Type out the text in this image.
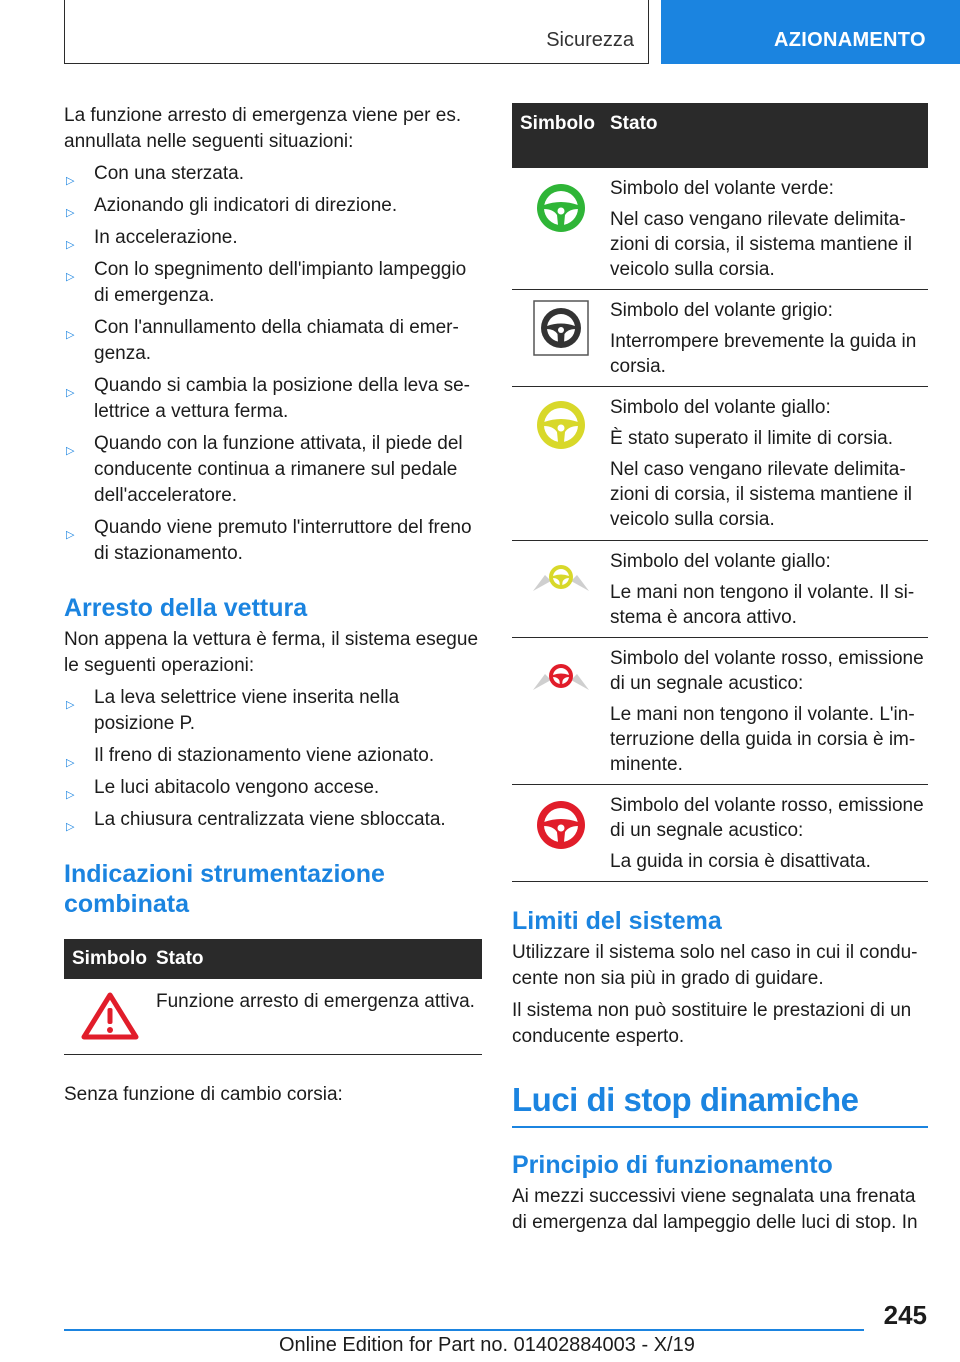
Sicurezza	AZIONAMENTO

La funzione arresto di emergenza viene per es. annullata nelle seguenti situazioni:

▷ Con una sterzata.
▷ Azionando gli indicatori di direzione.
▷ In accelerazione.
▷ Con lo spegnimento dell'impianto lampeggio di emergenza.
▷ Con l'annullamento della chiamata di emergenza.
▷ Quando si cambia la posizione della leva selettrice a vettura ferma.
▷ Quando con la funzione attivata, il piede del conducente continua a rimanere sul pedale dell'acceleratore.
▷ Quando viene premuto l'interruttore del freno di stazionamento.
Arresto della vettura

Non appena la vettura è ferma, il sistema esegue le seguenti operazioni:

▷ La leva selettrice viene inserita nella posizione P.
▷ Il freno di stazionamento viene azionato.
▷ Le luci abitacolo vengono accese.
▷ La chiusura centralizzata viene sbloccata.
Indicazioni strumentazione combinata
Simbolo Stato

Funzione arresto di emergenza attiva.

Senza funzione di cambio corsia:

Simbolo Stato

Simbolo del volante verde:

Nel caso vengano rilevate delimitazioni di corsia, il sistema mantiene il veicolo sulla corsia.

Simbolo del volante grigio:

Interrompere brevemente la guida in corsia.

Simbolo del volante giallo:

È stato superato il limite di corsia.

Nel caso vengano rilevate delimitazioni di corsia, il sistema mantiene il veicolo sulla corsia.

Simbolo del volante giallo:

Le mani non tengono il volante. Il sistema è ancora attivo.

Simbolo del volante rosso, emissione di un segnale acustico:

Le mani non tengono il volante. L'interruzione della guida in corsia è imminente.

Simbolo del volante rosso, emissione di un segnale acustico:

La guida in corsia è disattivata.

Limiti del sistema

Utilizzare il sistema solo nel caso in cui il conducente non sia più in grado di guidare.

Il sistema non può sostituire le prestazioni di un conducente esperto.

Luci di stop dinamiche
Principio di funzionamento

Ai mezzi successivi viene segnalata una frenata di emergenza dal lampeggio delle luci di stop. In

245
Online Edition for Part no. 01402884003 - X/19
